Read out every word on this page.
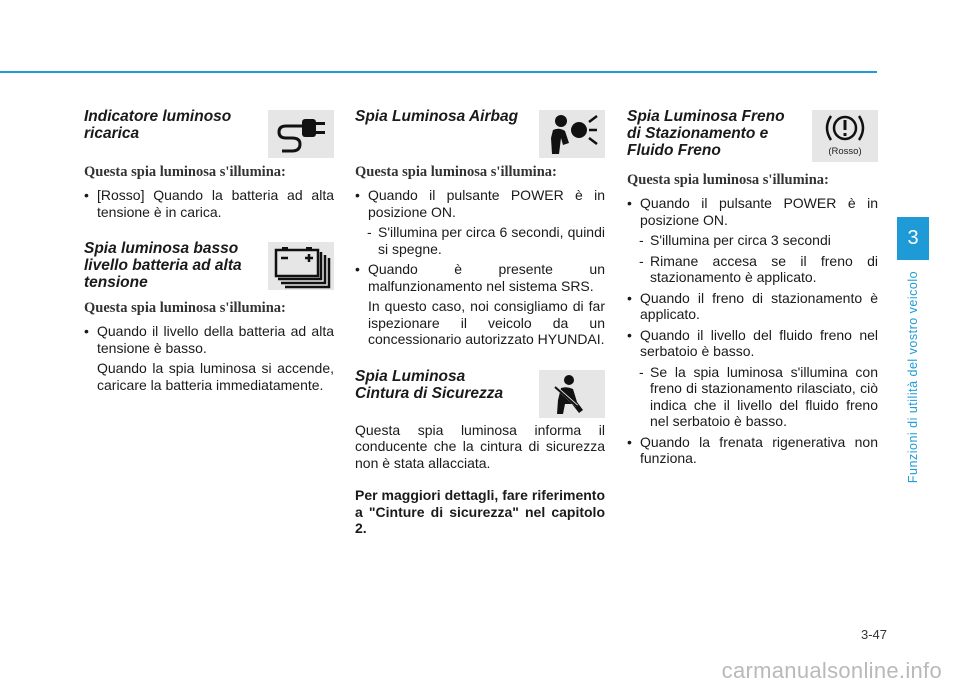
Indicatore luminoso ricarica
Questa spia luminosa s'illumina:
• [Rosso] Quando la batteria ad alta tensione è in carica.
Spia luminosa basso livello batteria ad alta tensione
Questa spia luminosa s'illumina:
• Quando il livello della batteria ad alta tensione è basso.
Quando la spia luminosa si accende, caricare la batteria immediatamente.
Spia Luminosa Airbag
Questa spia luminosa s'illumina:
• Quando il pulsante POWER è in posizione ON.
- S'illumina per circa 6 secondi, quindi si spegne.
• Quando è presente un malfunzionamento nel sistema SRS.
In questo caso, noi consigliamo di far ispezionare il veicolo da un concessionario autorizzato HYUNDAI.
Spia Luminosa Cintura di Sicurezza
Questa spia luminosa informa il conducente che la cintura di sicurezza non è stata allacciata.
Per maggiori dettagli, fare riferimento a "Cinture di sicurezza" nel capitolo 2.
Spia Luminosa Freno di Stazionamento e Fluido Freno	(Rosso)
Questa spia luminosa s'illumina:
• Quando il pulsante POWER è in posizione ON.
- S'illumina per circa 3 secondi
- Rimane accesa se il freno di stazionamento è applicato.
• Quando il freno di stazionamento è applicato.
• Quando il livello del fluido freno nel serbatoio è basso.
- Se la spia luminosa s'illumina con freno di stazionamento rilasciato, ciò indica che il livello del fluido freno nel serbatoio è basso.
• Quando la frenata rigenerativa non funziona.
3
Funzioni di utilità del vostro veicolo
3-47
carmanualsonline.info
